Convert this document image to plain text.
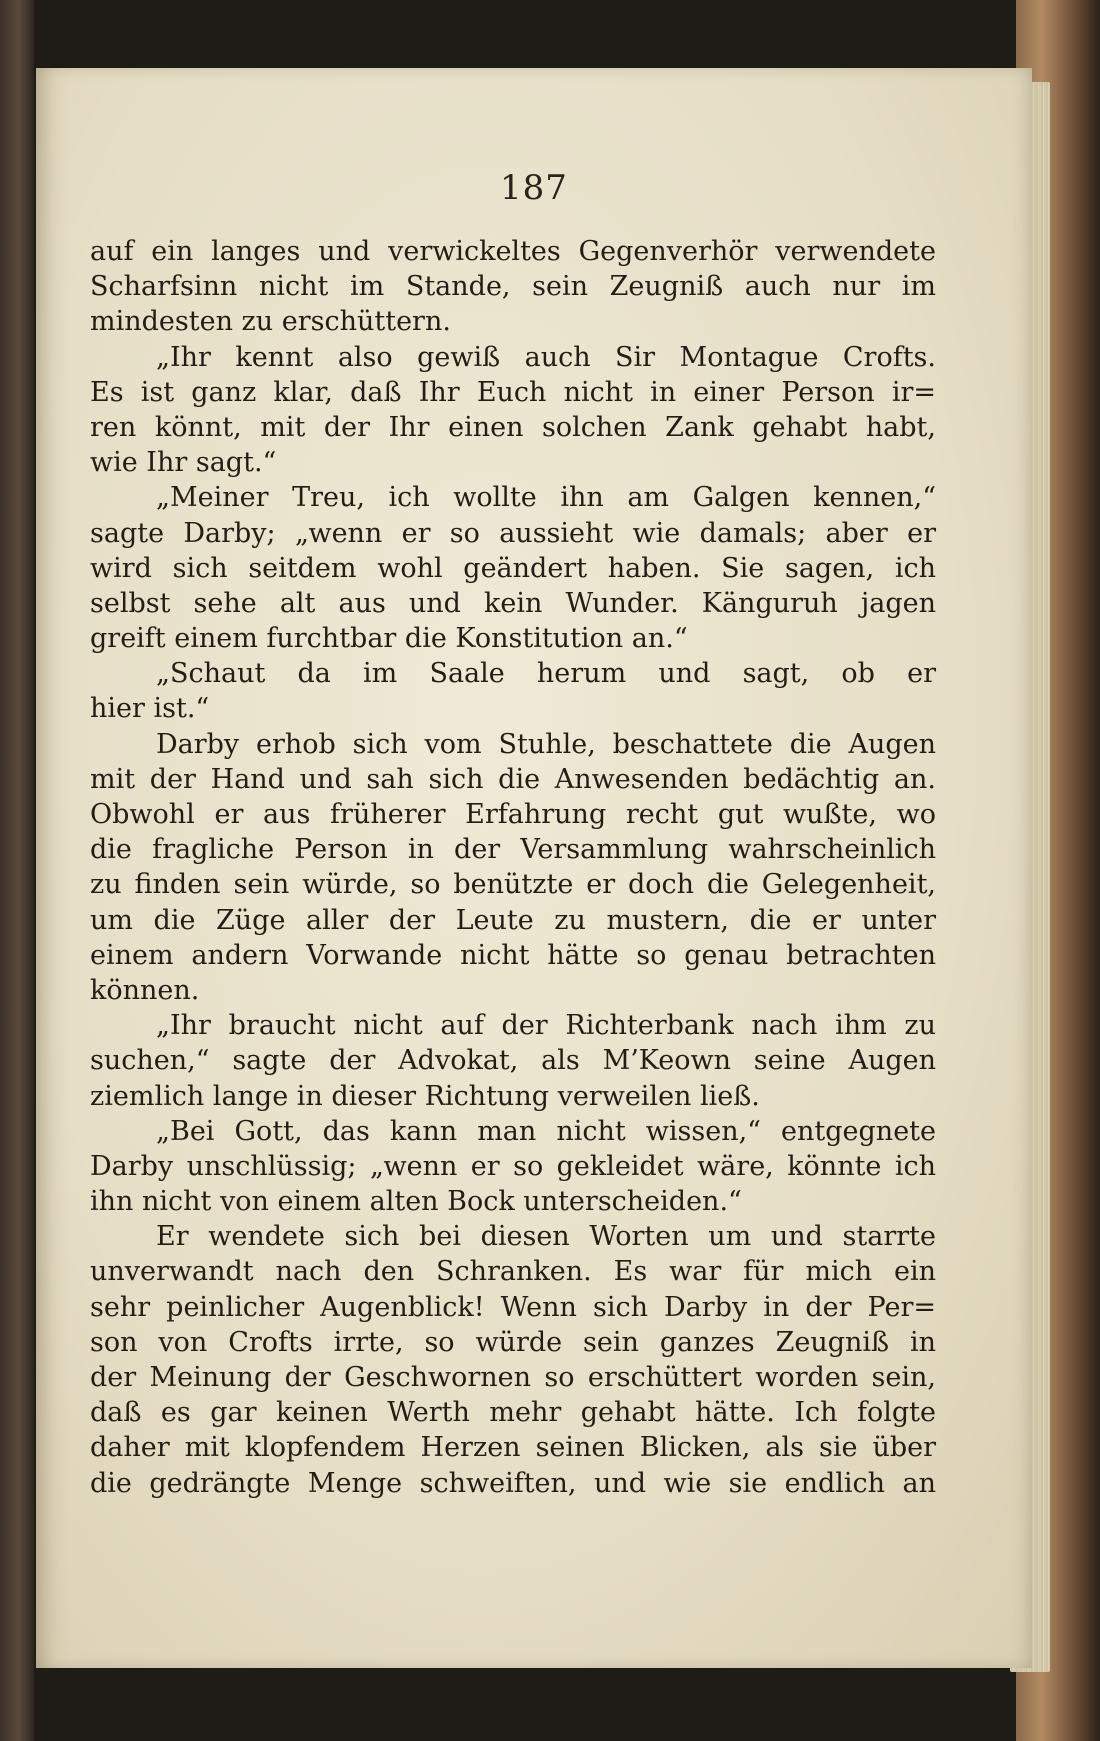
187
auf ein langes und verwickeltes Gegenverhör verwendete
Scharfsinn nicht im Stande, sein Zeugniß auch nur im
mindesten zu erschüttern.
„Ihr kennt also gewiß auch Sir Montague Crofts.
Es ist ganz klar, daß Ihr Euch nicht in einer Person ir=
ren könnt, mit der Ihr einen solchen Zank gehabt habt,
wie Ihr sagt.“
„Meiner Treu, ich wollte ihn am Galgen kennen,“
sagte Darby; „wenn er so aussieht wie damals; aber er
wird sich seitdem wohl geändert haben. Sie sagen, ich
selbst sehe alt aus und kein Wunder. Känguruh jagen
greift einem furchtbar die Konstitution an.“
„Schaut da im Saale herum und sagt, ob er
hier ist.“
Darby erhob sich vom Stuhle, beschattete die Augen
mit der Hand und sah sich die Anwesenden bedächtig an.
Obwohl er aus früherer Erfahrung recht gut wußte, wo
die fragliche Person in der Versammlung wahrscheinlich
zu finden sein würde, so benützte er doch die Gelegenheit,
um die Züge aller der Leute zu mustern, die er unter
einem andern Vorwande nicht hätte so genau betrachten
können.
„Ihr braucht nicht auf der Richterbank nach ihm zu
suchen,“ sagte der Advokat, als M’Keown seine Augen
ziemlich lange in dieser Richtung verweilen ließ.
„Bei Gott, das kann man nicht wissen,“ entgegnete
Darby unschlüssig; „wenn er so gekleidet wäre, könnte ich
ihn nicht von einem alten Bock unterscheiden.“
Er wendete sich bei diesen Worten um und starrte
unverwandt nach den Schranken. Es war für mich ein
sehr peinlicher Augenblick! Wenn sich Darby in der Per=
son von Crofts irrte, so würde sein ganzes Zeugniß in
der Meinung der Geschwornen so erschüttert worden sein,
daß es gar keinen Werth mehr gehabt hätte. Ich folgte
daher mit klopfendem Herzen seinen Blicken, als sie über
die gedrängte Menge schweiften, und wie sie endlich an
